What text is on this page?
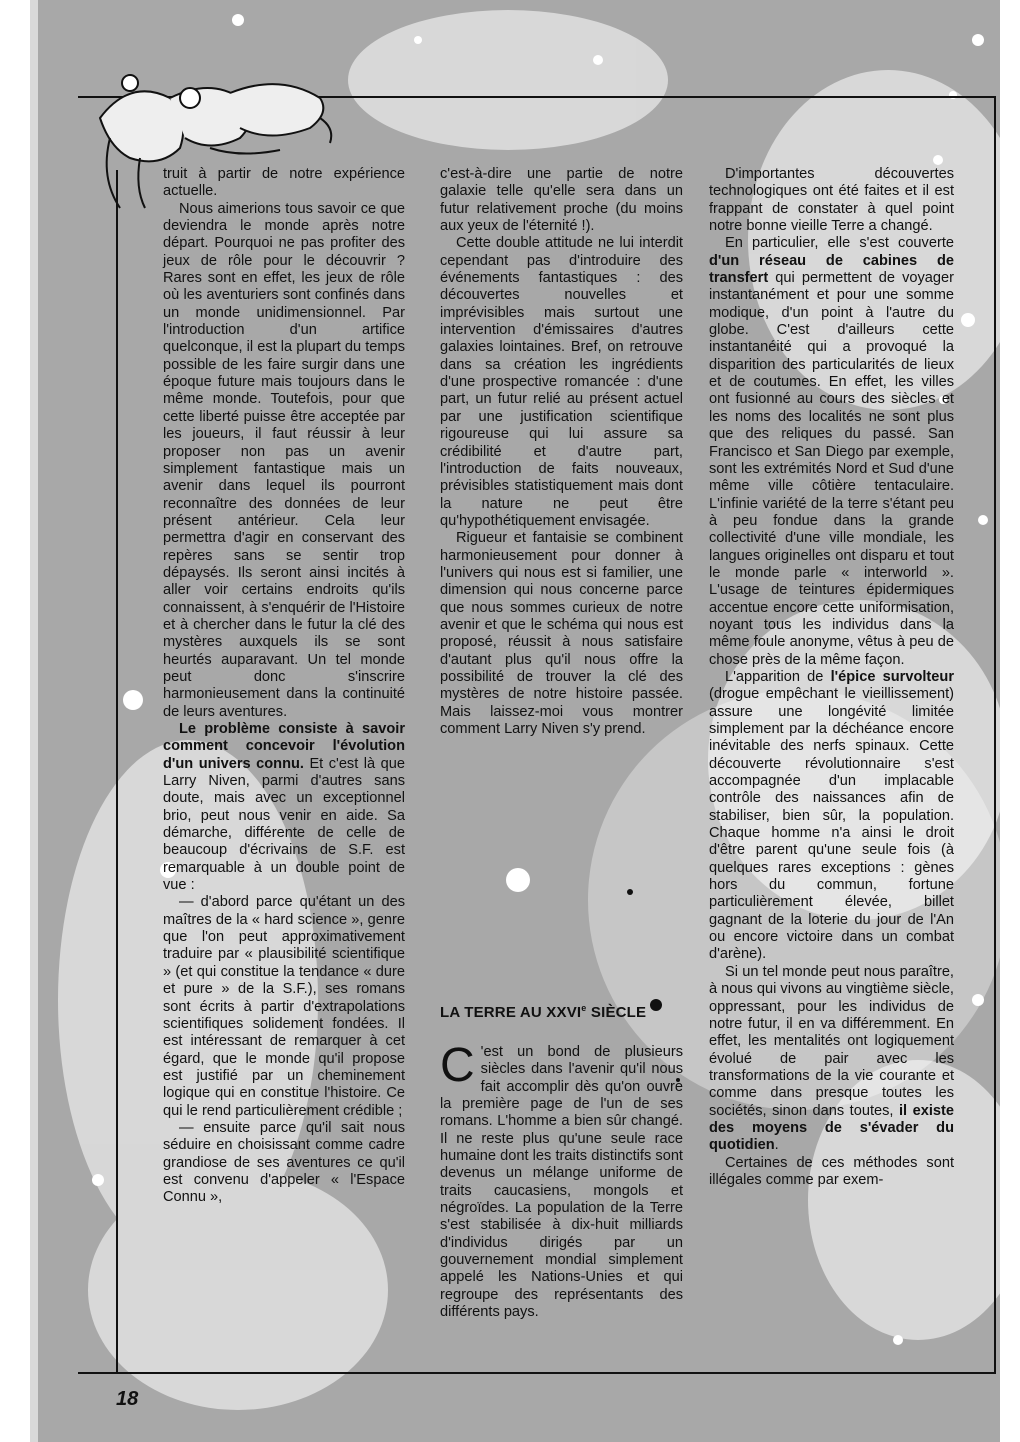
truit à partir de notre expérience actuelle.

Nous aimerions tous savoir ce que deviendra le monde après notre départ. Pourquoi ne pas profiter des jeux de rôle pour le découvrir ? Rares sont en effet, les jeux de rôle où les aventuriers sont confinés dans un monde unidimensionnel. Par l'introduction d'un artifice quelconque, il est la plupart du temps possible de les faire surgir dans une époque future mais toujours dans le même monde. Toutefois, pour que cette liberté puisse être acceptée par les joueurs, il faut réussir à leur proposer non pas un avenir simplement fantastique mais un avenir dans lequel ils pourront reconnaître des données de leur présent antérieur. Cela leur permettra d'agir en conservant des repères sans se sentir trop dépaysés. Ils seront ainsi incités à aller voir certains endroits qu'ils connaissent, à s'enquérir de l'Histoire et à chercher dans le futur la clé des mystères auxquels ils se sont heurtés auparavant. Un tel monde peut donc s'inscrire harmonieusement dans la continuité de leurs aventures.

Le problème consiste à savoir comment concevoir l'évolution d'un univers connu. Et c'est là que Larry Niven, parmi d'autres sans doute, mais avec un exceptionnel brio, peut nous venir en aide. Sa démarche, différente de celle de beaucoup d'écrivains de S.F. est remarquable à un double point de vue :

— d'abord parce qu'étant un des maîtres de la « hard science », genre que l'on peut approximativement traduire par « plausibilité scientifique » (et qui constitue la tendance « dure et pure » de la S.F.), ses romans sont écrits à partir d'extrapolations scientifiques solidement fondées. Il est intéressant de remarquer à cet égard, que le monde qu'il propose est justifié par un cheminement logique qui en constitue l'histoire. Ce qui le rend particulièrement crédible ;

— ensuite parce qu'il sait nous séduire en choisissant comme cadre grandiose de ses aventures ce qu'il est convenu d'appeler « l'Espace Connu »,

c'est-à-dire une partie de notre galaxie telle qu'elle sera dans un futur relativement proche (du moins aux yeux de l'éternité !).

Cette double attitude ne lui interdit cependant pas d'introduire des événements fantastiques : des découvertes nouvelles et imprévisibles mais surtout une intervention d'émissaires d'autres galaxies lointaines. Bref, on retrouve dans sa création les ingrédients d'une prospective romancée : d'une part, un futur relié au présent actuel par une justification scientifique rigoureuse qui lui assure sa crédibilité et d'autre part, l'introduction de faits nouveaux, prévisibles statistiquement mais dont la nature ne peut être qu'hypothétiquement envisagée.

Rigueur et fantaisie se combinent harmonieusement pour donner à l'univers qui nous est si familier, une dimension qui nous concerne parce que nous sommes curieux de notre avenir et que le schéma qui nous est proposé, réussit à nous satisfaire d'autant plus qu'il nous offre la possibilité de trouver la clé des mystères de notre histoire passée. Mais laissez-moi vous montrer comment Larry Niven s'y prend.

LA TERRE AU XXVIe SIÈCLE

C 'est un bond de plusieurs siècles dans l'avenir qu'il nous fait accomplir dès qu'on ouvre la première page de l'un de ses romans. L'homme a bien sûr changé. Il ne reste plus qu'une seule race humaine dont les traits distinctifs sont devenus un mélange uniforme de traits caucasiens, mongols et négroïdes. La population de la Terre s'est stabilisée à dix-huit milliards d'individus dirigés par un gouvernement mondial simplement appelé les Nations-Unies et qui regroupe des représentants des différents pays.

D'importantes découvertes technologiques ont été faites et il est frappant de constater à quel point notre bonne vieille Terre a changé.

En particulier, elle s'est couverte d'un réseau de cabines de transfert qui permettent de voyager instantanément et pour une somme modique, d'un point à l'autre du globe. C'est d'ailleurs cette instantanéité qui a provoqué la disparition des particularités de lieux et de coutumes. En effet, les villes ont fusionné au cours des siècles et les noms des localités ne sont plus que des reliques du passé. San Francisco et San Diego par exemple, sont les extrémités Nord et Sud d'une même ville côtière tentaculaire. L'infinie variété de la terre s'étant peu à peu fondue dans la grande collectivité d'une ville mondiale, les langues originelles ont disparu et tout le monde parle « interworld ». L'usage de teintures épidermiques accentue encore cette uniformisation, noyant tous les individus dans la même foule anonyme, vêtus à peu de chose près de la même façon.

L'apparition de l'épice survolteur (drogue empêchant le vieillissement) assure une longévité limitée simplement par la déchéance encore inévitable des nerfs spinaux. Cette découverte révolutionnaire s'est accompagnée d'un implacable contrôle des naissances afin de stabiliser, bien sûr, la population. Chaque homme n'a ainsi le droit d'être parent qu'une seule fois (à quelques rares exceptions : gènes hors du commun, fortune particulièrement élevée, billet gagnant de la loterie du jour de l'An ou encore victoire dans un combat d'arène).

Si un tel monde peut nous paraître, à nous qui vivons au vingtième siècle, oppressant, pour les individus de notre futur, il en va différemment. En effet, les mentalités ont logiquement évolué de pair avec les transformations de la vie courante et comme dans presque toutes les sociétés, sinon dans toutes, il existe des moyens de s'évader du quotidien.

Certaines de ces méthodes sont illégales comme par exem-

18
